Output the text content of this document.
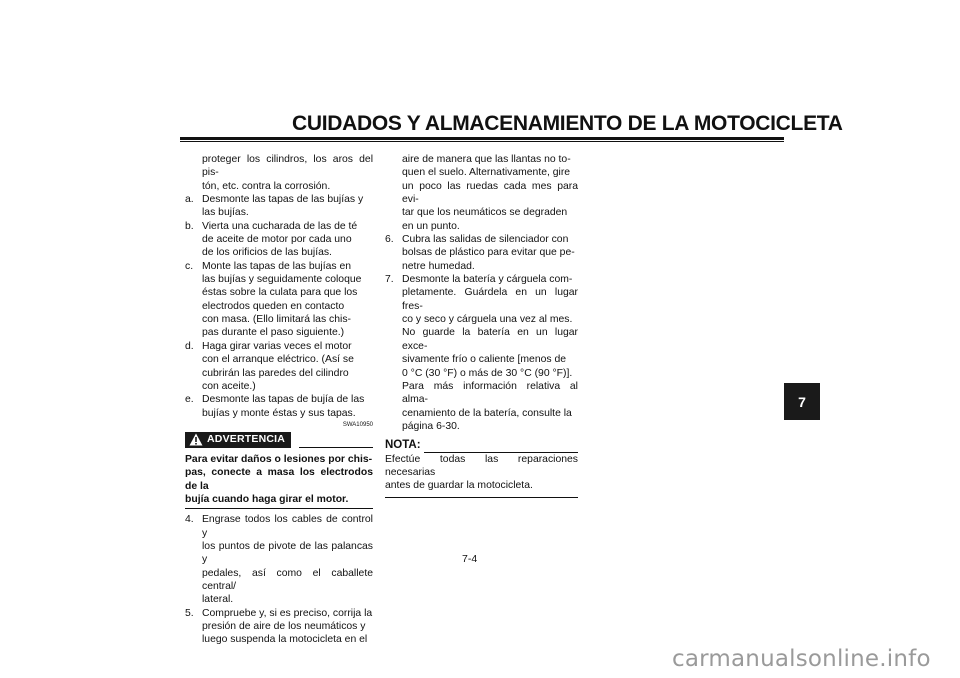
CUIDADOS Y ALMACENAMIENTO DE LA MOTOCICLETA

proteger los cilindros, los aros del pis-

tón, etc. contra la corrosión.

a. Desmonte las tapas de las bujías y

las bujías.

b. Vierta una cucharada de las de té

de aceite de motor por cada uno

de los orificios de las bujías.

c. Monte las tapas de las bujías en

las bujías y seguidamente coloque

éstas sobre la culata para que los

electrodos queden en contacto

con masa. (Ello limitará las chis-

pas durante el paso siguiente.)

d. Haga girar varias veces el motor

con el arranque eléctrico. (Así se

cubrirán las paredes del cilindro

con aceite.)

e. Desmonte las tapas de bujía de las

bujías y monte éstas y sus tapas.

SWA10950
ADVERTENCIA

Para evitar daños o lesiones por chis-

pas, conecte a masa los electrodos de la

bujía cuando haga girar el motor.

4. Engrase todos los cables de control y

los puntos de pivote de las palancas y

pedales, así como el caballete central/

lateral.

5. Compruebe y, si es preciso, corrija la

presión de aire de los neumáticos y

luego suspenda la motocicleta en el

aire de manera que las llantas no to-

quen el suelo. Alternativamente, gire

un poco las ruedas cada mes para evi-

tar que los neumáticos se degraden

en un punto.

6. Cubra las salidas de silenciador con

bolsas de plástico para evitar que pe-

netre humedad.

7. Desmonte la batería y cárguela com-

pletamente. Guárdela en un lugar fres-

co y seco y cárguela una vez al mes.

No guarde la batería en un lugar exce-

sivamente frío o caliente [menos de

0 °C (30 °F) o más de 30 °C (90 °F)].

Para más información relativa al alma-

cenamiento de la batería, consulte la

página 6-30.

NOTA:

Efectúe todas las reparaciones necesarias

antes de guardar la motocicleta.

7-4
7
carmanualsonline.info
